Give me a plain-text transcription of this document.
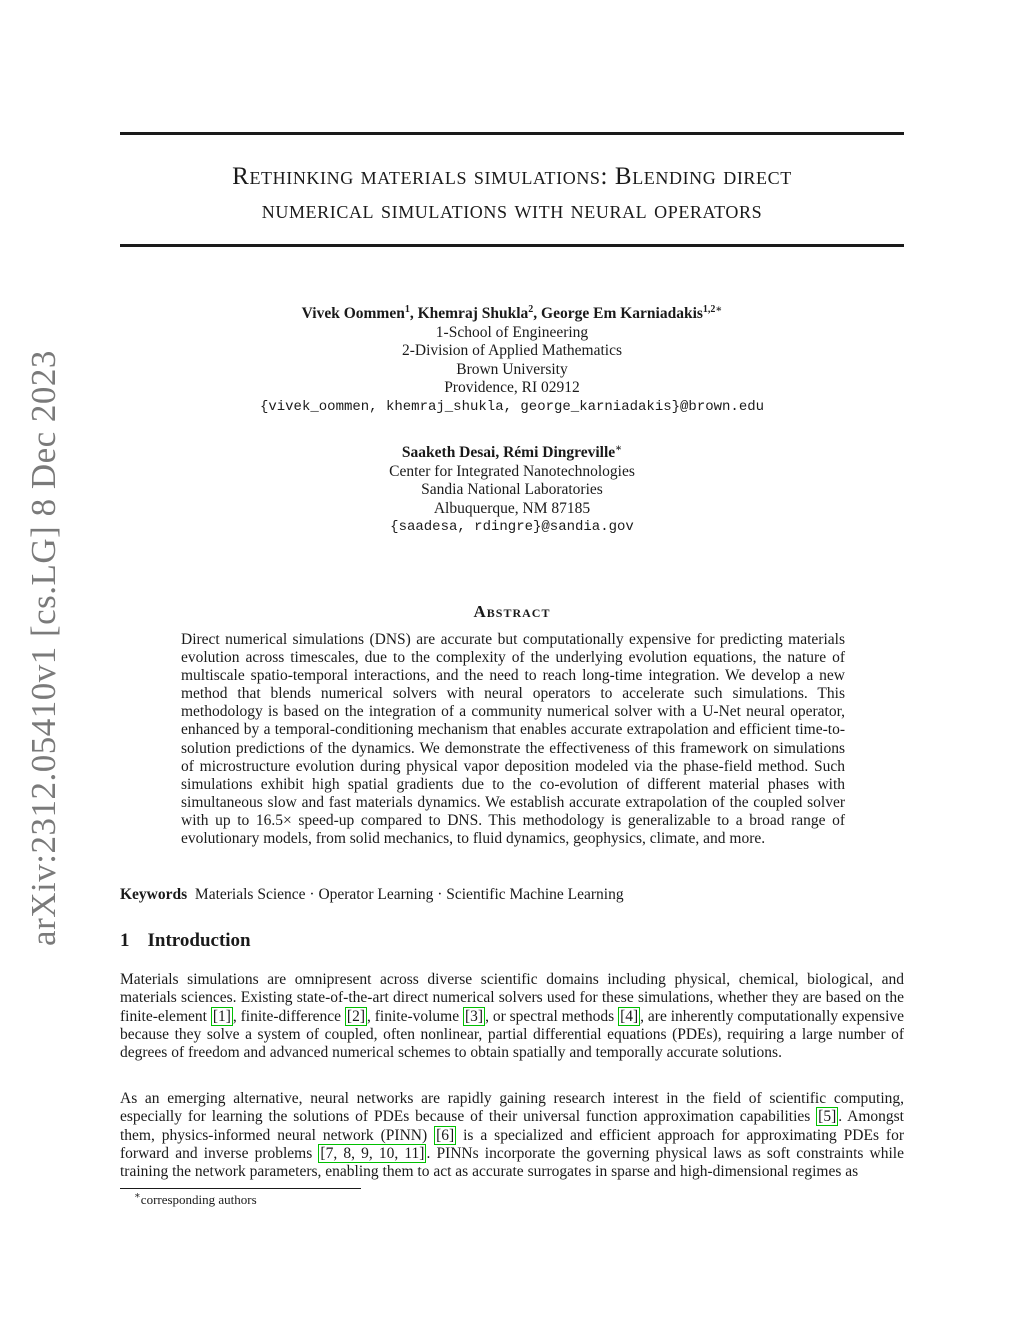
arXiv:2312.05410v1 [cs.LG] 8 Dec 2023
Rethinking materials simulations: Blending direct
numerical simulations with neural operators
Vivek Oommen$^1$, Khemraj Shukla$^2$, George Em Karniadakis$^{1,2∗}$
1-School of Engineering
2-Division of Applied Mathematics
Brown University
Providence, RI 02912
{vivek_oommen, khemraj_shukla, george_karniadakis}@brown.edu
Saaketh Desai, Rémi Dingreville∗
Center for Integrated Nanotechnologies
Sandia National Laboratories
Albuquerque, NM 87185
{saadesa, rdingre}@sandia.gov
Abstract

Direct numerical simulations (DNS) are accurate but computationally expensive for predicting materials evolution across timescales, due to the complexity of the underlying evolution equations, the nature of multiscale spatio-temporal interactions, and the need to reach long-time integration. We develop a new method that blends numerical solvers with neural operators to accelerate such simulations. This methodology is based on the integration of a community numerical solver with a U-Net neural operator, enhanced by a temporal-conditioning mechanism that enables accurate extrapolation and efficient time-to-solution predictions of the dynamics. We demonstrate the effectiveness of this framework on simulations of microstructure evolution during physical vapor deposition modeled via the phase-field method. Such simulations exhibit high spatial gradients due to the co-evolution of different material phases with simultaneous slow and fast materials dynamics. We establish accurate extrapolation of the coupled solver with up to 16.5× speed-up compared to DNS. This methodology is generalizable to a broad range of evolutionary models, from solid mechanics, to fluid dynamics, geophysics, climate, and more.

Keywords Materials Science · Operator Learning · Scientific Machine Learning
1 Introduction

Materials simulations are omnipresent across diverse scientific domains including physical, chemical, biological, and materials sciences. Existing state-of-the-art direct numerical solvers used for these simulations, whether they are based on the finite-element [1] , finite-difference [2] , finite-volume [3] , or spectral methods [4] , are inherently computationally expensive because they solve a system of coupled, often nonlinear, partial differential equations (PDEs), requiring a large number of degrees of freedom and advanced numerical schemes to obtain spatially and temporally accurate solutions.

As an emerging alternative, neural networks are rapidly gaining research interest in the field of scientific computing, especially for learning the solutions of PDEs because of their universal function approximation capabilities [5] . Amongst them, physics-informed neural network (PINN) [6] is a specialized and efficient approach for approximating PDEs for forward and inverse problems [7, 8, 9, 10, 11] . PINNs incorporate the governing physical laws as soft constraints while training the network parameters, enabling them to act as accurate surrogates in sparse and high-dimensional regimes as

∗corresponding authors
